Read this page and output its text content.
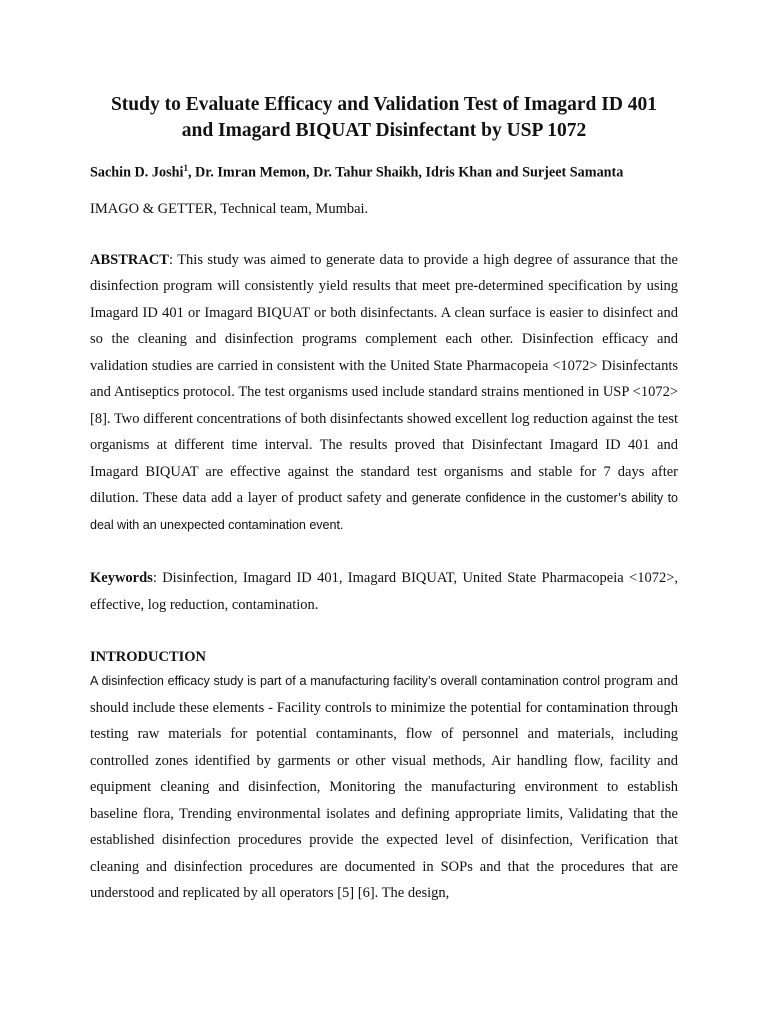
Study to Evaluate Efficacy and Validation Test of Imagard ID 401
and Imagard BIQUAT Disinfectant by USP 1072
Sachin D. Joshi$^1$, Dr. Imran Memon, Dr. Tahur Shaikh, Idris Khan and Surjeet Samanta
IMAGO & GETTER, Technical team, Mumbai.

ABSTRACT: This study was aimed to generate data to provide a high degree of assurance that the disinfection program will consistently yield results that meet pre-determined specification by using Imagard ID 401 or Imagard BIQUAT or both disinfectants. A clean surface is easier to disinfect and so the cleaning and disinfection programs complement each other. Disinfection efficacy and validation studies are carried in consistent with the United State Pharmacopeia <1072> Disinfectants and Antiseptics protocol. The test organisms used include standard strains mentioned in USP <1072> [8]. Two different concentrations of both disinfectants showed excellent log reduction against the test organisms at different time interval. The results proved that Disinfectant Imagard ID 401 and Imagard BIQUAT are effective against the standard test organisms and stable for 7 days after dilution. These data add a layer of product safety and generate confidence in the customer’s ability to deal with an unexpected contamination event.

Keywords: Disinfection, Imagard ID 401, Imagard BIQUAT, United State Pharmacopeia <1072>, effective, log reduction, contamination.

INTRODUCTION

A disinfection efficacy study is part of a manufacturing facility’s overall contamination control program and should include these elements - Facility controls to minimize the potential for contamination through testing raw materials for potential contaminants, flow of personnel and materials, including controlled zones identified by garments or other visual methods, Air handling flow, facility and equipment cleaning and disinfection, Monitoring the manufacturing environment to establish baseline flora, Trending environmental isolates and defining appropriate limits, Validating that the established disinfection procedures provide the expected level of disinfection, Verification that cleaning and disinfection procedures are documented in SOPs and that the procedures that are understood and replicated by all operators [5] [6]. The design,
